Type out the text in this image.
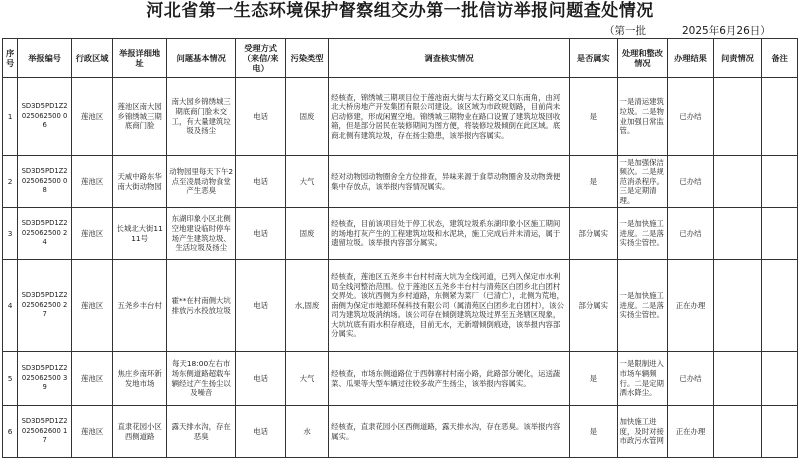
河北省第一生态环境保护督察组交办第一批信访举报问题查处情况
（第一批	2025年6月26日）
序号	举报编号	行政区域	举报详细地址	问题基本情况	受理方式（来信/来电）	污染类型	调查核实情况	是否属实	处理和整改情况	办理结果	问责情况	备注
1	SD3D5PD1Z2025062500 06	莲池区	莲池区南大园乡锦绣城三期底商门脸	南大园乡锦绣城三期底商门脸未交工，有大量建筑垃圾及扬尘	电话	固废	经核查，锦绣城三期项目位于莲池南大街与太行路交叉口东南角，由河北大桥房地产开发集团有限公司建设。该区域为市政规划路，目前尚未启动修建，形成闲置空地。锦绣城三期物业在路口设置了建筑垃圾回收箱，但是部分居民在装修期间为图方便，将装修垃圾倾倒在此区域。底商北侧有建筑垃圾，存在扬尘隐患，该举报内容属实。	是	一是清运建筑垃圾。二是物业加强日常监管。	已办结		
2	SD3D5PD1Z2025062500 08	莲池区	天威中路东华南大街动物园	动物园里每天下午2点至凌晨动物食堂产生恶臭	电话	大气	经对动物园动物圈舍全方位排查，异味来源于食草动物圈舍及动物粪便集中存放点，该举报内容情况属实。	是	一是加强保洁频次。二是规范消杀程序。三是定期清理。	已办结		
3	SD3D5PD1Z2025062500 24	莲池区	长城北大街1111号	东湖印象小区北侧空地建设临时停车场产生建筑垃圾、生活垃圾及扬尘	电话	固废	经核查，目前该项目处于停工状态，建筑垃圾系东湖印象小区施工期间的场地打灰产生的工程建筑垃圾和水泥块，施工完成后并未清运，属于遗留垃圾。该举报内容部分属实。	部分属实	一是加快施工进度。二是落实扬尘管控。	已办结		
4	SD3D5PD1Z2025062500 27	莲池区	五尧乡丰台村	霍**在村南侧大坑排放污水投放垃圾	电话	水,固废	经核查，莲池区五尧乡丰台村村南大坑为全线河道，已列入保定市水利局全线河整治范围。位于莲池区五尧乡丰台村与清苑区白团乡北白团村交界处。该坑西侧为乡村道路，东侧紧为菜厂（已清亡），北侧为荒地，南侧为保定市地源环保科技有限公司（属清苑区白团乡北白团村），该公司为建筑垃圾消纳场。该公司存在倾倒建筑垃圾过界至五尧辖区现象，大坑坑底有雨水积存痕迹，目前无水，无新增倾倒痕迹，该举报内容部分属实。	部分属实	一是加快施工进度。二是落实扬尘管控。	正在办理		
5	SD3D5PD1Z2025062500 39	莲池区	焦庄乡南环新发地市场	每天18:00左右市场东侧道路超载车辆经过产生扬尘以及噪音	电话	大气	经核查，市场东侧道路位于西韩寨村村南小路，此路部分硬化，运送蔬菜、瓜果等大型车辆过往较多故产生扬尘，该举报内容属实。	是	一是限制进入市场车辆频行。二是定期洒水降尘。	已办结		
6	SD3D5PD1Z2025062600 17	莲池区	直隶花园小区西侧道路	露天排水沟，存在恶臭	电话	水	经核查，直隶花园小区西侧道路，露天排水沟，存在恶臭。该举报内容属实。	是	加快施工进度，及时对接市政污水管网	正在办理		
